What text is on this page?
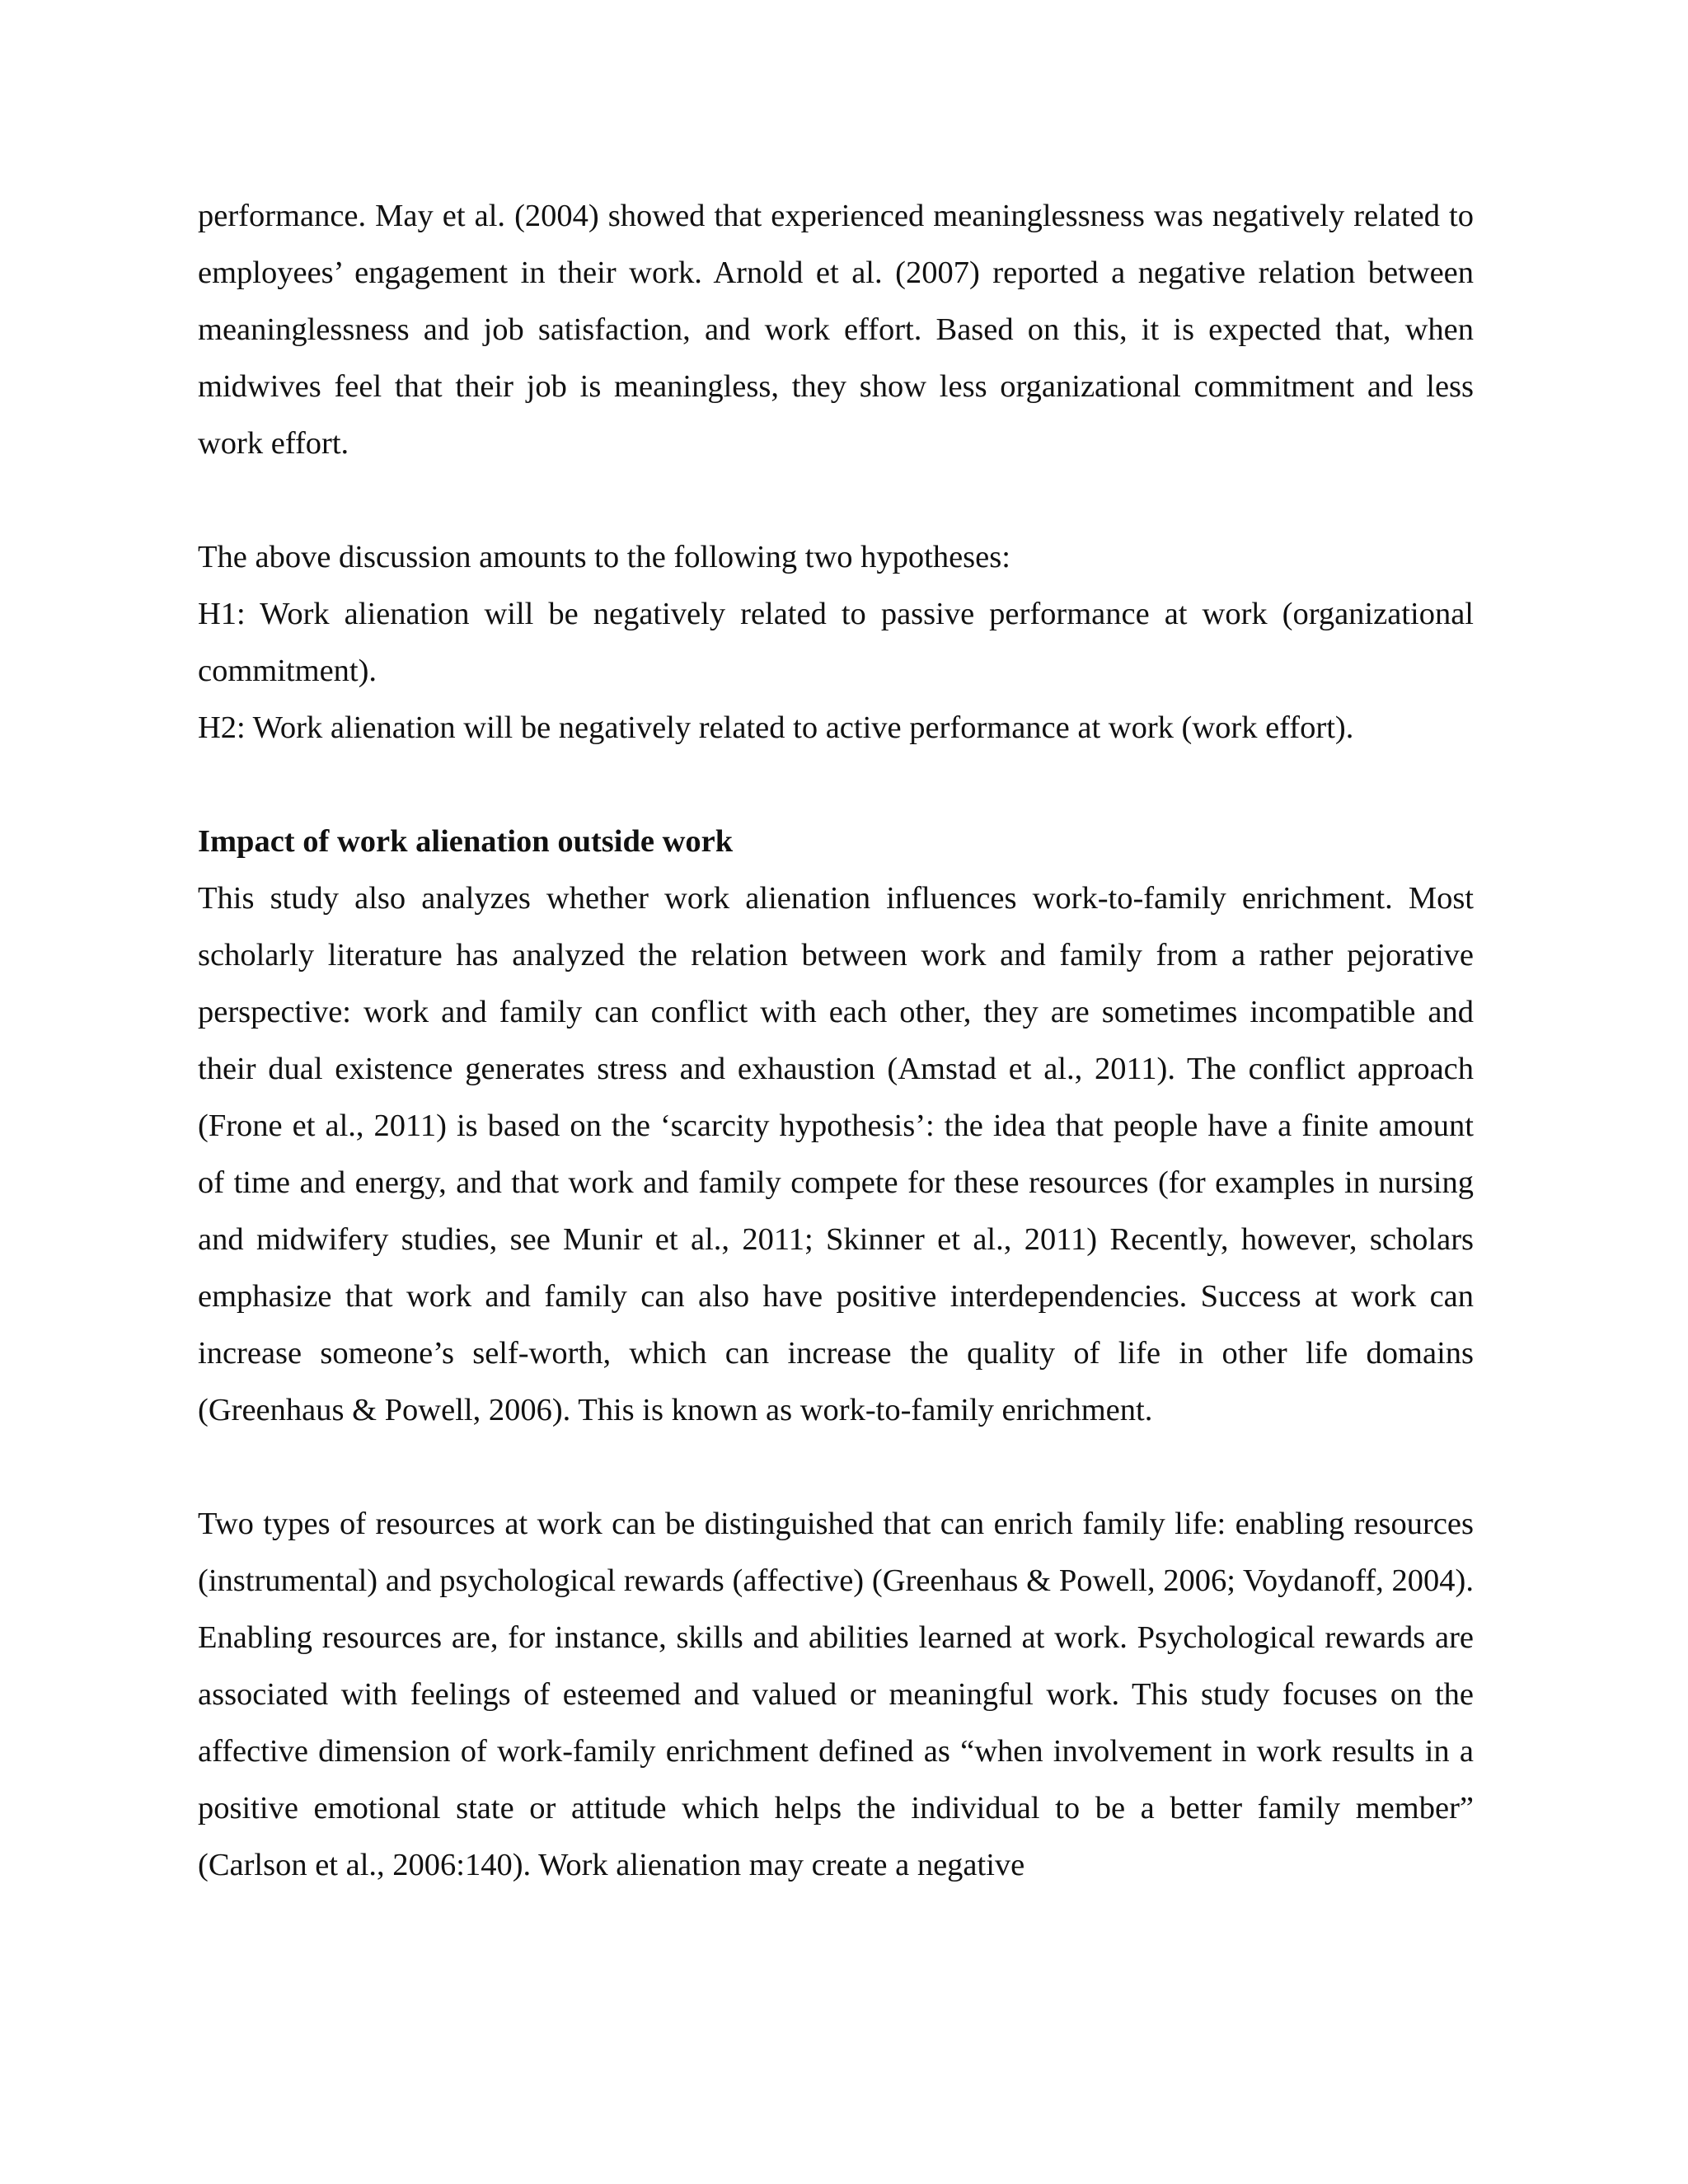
performance. May et al. (2004) showed that experienced meaninglessness was negatively related to employees’ engagement in their work. Arnold et al. (2007) reported a negative relation between meaninglessness and job satisfaction, and work effort. Based on this, it is expected that, when midwives feel that their job is meaningless, they show less organizational commitment and less work effort.

The above discussion amounts to the following two hypotheses:

H1: Work alienation will be negatively related to passive performance at work (organizational commitment).

H2: Work alienation will be negatively related to active performance at work (work effort).

Impact of work alienation outside work

This study also analyzes whether work alienation influences work-to-family enrichment. Most scholarly literature has analyzed the relation between work and family from a rather pejorative perspective: work and family can conflict with each other, they are sometimes incompatible and their dual existence generates stress and exhaustion (Amstad et al., 2011). The conflict approach (Frone et al., 2011) is based on the ‘scarcity hypothesis’: the idea that people have a finite amount of time and energy, and that work and family compete for these resources (for examples in nursing and midwifery studies, see Munir et al., 2011; Skinner et al., 2011) Recently, however, scholars emphasize that work and family can also have positive interdependencies. Success at work can increase someone’s self-worth, which can increase the quality of life in other life domains (Greenhaus & Powell, 2006). This is known as work-to-family enrichment.

Two types of resources at work can be distinguished that can enrich family life: enabling resources (instrumental) and psychological rewards (affective) (Greenhaus & Powell, 2006; Voydanoff, 2004). Enabling resources are, for instance, skills and abilities learned at work. Psychological rewards are associated with feelings of esteemed and valued or meaningful work. This study focuses on the affective dimension of work-family enrichment defined as “when involvement in work results in a positive emotional state or attitude which helps the individual to be a better family member” (Carlson et al., 2006:140). Work alienation may create a negative
